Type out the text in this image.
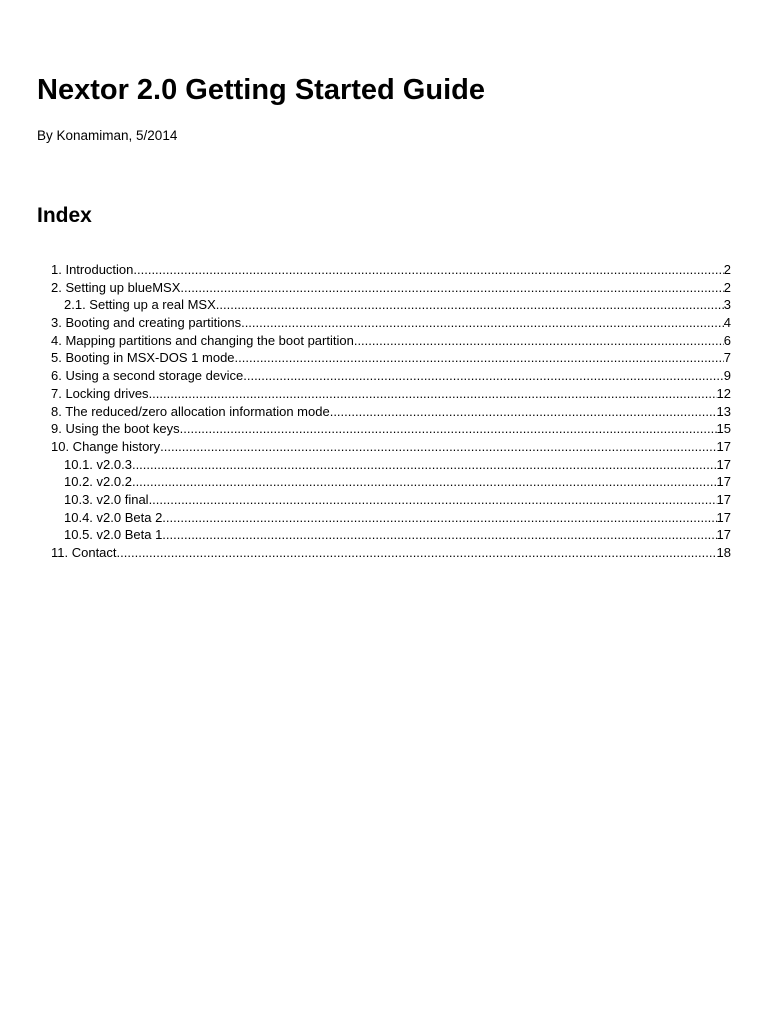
Nextor 2.0 Getting Started Guide

By Konamiman, 5/2014

Index
1. Introduction .....	2
2. Setting up blueMSX .....	2
2.1. Setting up a real MSX .....	3
3. Booting and creating partitions .....	4
4. Mapping partitions and changing the boot partition .....	6
5. Booting in MSX-DOS 1 mode .....	7
6. Using a second storage device .....	9
7. Locking drives .....	12
8. The reduced/zero allocation information mode .....	13
9. Using the boot keys .....	15
10. Change history .....	17
10.1. v2.0.3 .....	17
10.2. v2.0.2 .....	17
10.3. v2.0 final .....	17
10.4. v2.0 Beta 2 .....	17
10.5. v2.0 Beta 1 .....	17
11. Contact .....	18
